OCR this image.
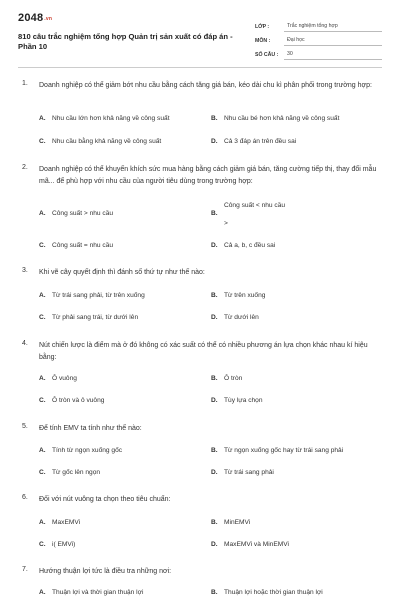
2048.vn
810 câu trắc nghiệm tổng hợp Quản trị sản xuất có đáp án - Phần 10
LỚP :	Trắc nghiệm tổng hợp
MÔN :	Đại học
SỐ CÂU :	30
1. Doanh nghiệp có thể giảm bớt nhu cầu bằng cách tăng giá bán, kéo dài chu kì phân phối trong trường hợp:
A. Nhu cầu lớn hơn khả năng về công suất	B. Nhu cầu bé hơn khả năng về công suất
C. Nhu cầu bằng khả năng về công suất	D. Cả 3 đáp án trên đều sai
2. Doanh nghiệp có thể khuyến khích sức mua hàng bằng cách giảm giá bán, tăng cường tiếp thị, thay đổi mẫu mã... để phù hợp với nhu cầu của người tiêu dùng trong trường hợp:
A. Công suất > nhu cầu	B.
Công suất < nhu cầu
>
C. Công suất = nhu cầu	D. Cả a, b, c đều sai
3. Khi vẽ cây quyết định thì đánh số thứ tự như thế nào:
A. Từ trái sang phải, từ trên xuống	B. Từ trên xuống
C. Từ phải sang trái, từ dưới lên	D. Từ dưới lên
4. Nút chiến lược là điểm mà ở đó không có xác suất có thể có nhiều phương án lựa chọn khác nhau kí hiệu bằng:
A. Ô vuông	B. Ô tròn
C. Ô tròn và ô vuông	D. Tùy lựa chọn
5. Để tính EMV ta tính như thế nào:
A. Tính từ ngọn xuống gốc	B. Từ ngọn xuống gốc hay từ trái sang phải
C. Từ gốc lên ngọn	D. Từ trái sang phải
6. Đối với nút vuông ta chọn theo tiêu chuẩn:
A. MaxEMVi	B. MinEMVi
C. i( EMVi)	D. MaxEMVi và MinEMVi
7. Hướng thuận lợi tức là điều tra những nơi:
A. Thuận lợi và thời gian thuận lợi	B. Thuận lợi hoặc thời gian thuận lợi
